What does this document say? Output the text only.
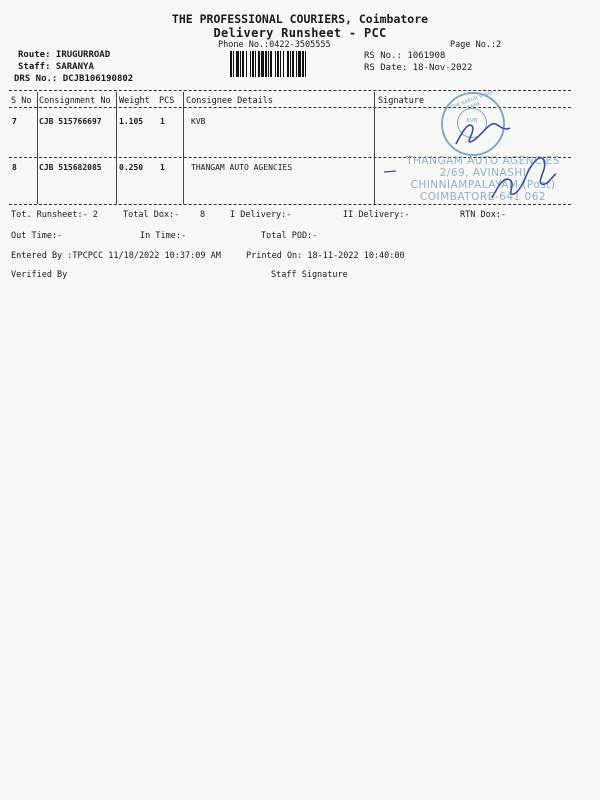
THE PROFESSIONAL COURIERS, Coimbatore
Delivery Runsheet - PCC
Phone No.:0422-3505555	Page No.:2
Route: IRUGURROAD
Staff: SARANYA
DRS No.: DCJB106190802
RS No.: 1061908
RS Date: 18-Nov-2022
S No Consignment No Weight PCS Consignee Details	Signature
7	CJB 515766697 1.105 1	KVB
8	CJB 515682085 0.250 1	THANGAM AUTO AGENCIES
THE KARUR VYSIA BANK
KVB
THANGAM AUTO AGENCIES
2/69, AVINASHI
CHINNIAMPALAYAM (Post)
COIMBATORE-641 062
Tot. Runsheet:- 2	Total Dox:- 8	I Delivery:-	II Delivery:-	RTN Dox:-
Out Time:-	In Time:-	Total POD:-
Entered By :TPCPCC 11/18/2022 10:37:09 AM	Printed On: 18-11-2022 10:40:00
Verified By	Staff Signature
